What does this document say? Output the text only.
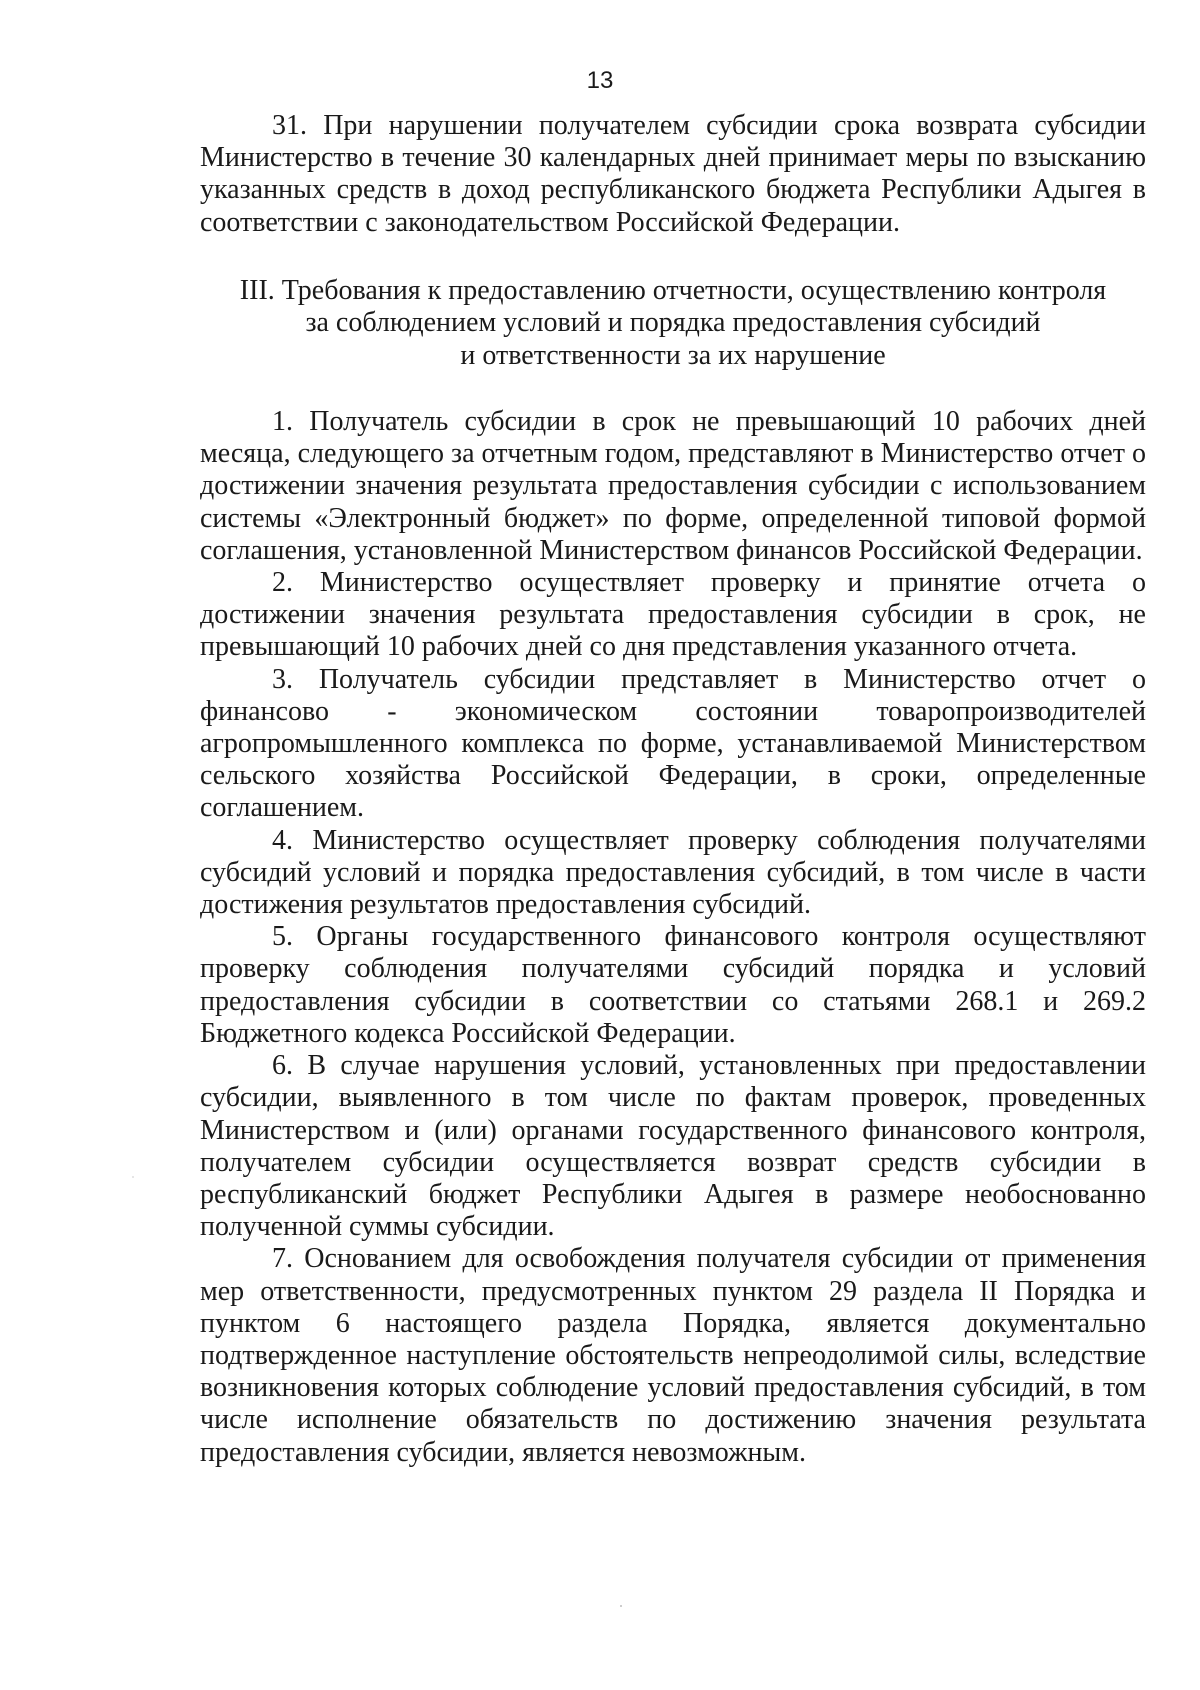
13

31. При нарушении получателем субсидии срока возврата субсидии Министерство в течение 30 календарных дней принимает меры по взысканию указанных средств в доход республиканского бюджета Республики Адыгея в соответствии с законодательством Российской Федерации.

III. Требования к предоставлению отчетности, осуществлению контроля
за соблюдением условий и порядка предоставления субсидий
и ответственности за их нарушение

1. Получатель субсидии в срок не превышающий 10 рабочих дней месяца, следующего за отчетным годом, представляют в Министерство отчет о достижении значения результата предоставления субсидии с использованием системы «Электронный бюджет» по форме, определенной типовой формой соглашения, установленной Министерством финансов Российской Федерации.

2. Министерство осуществляет проверку и принятие отчета о достижении значения результата предоставления субсидии в срок, не превышающий 10 рабочих дней со дня представления указанного отчета.

3. Получатель субсидии представляет в Министерство отчет о финансово - экономическом состоянии товаропроизводителей агропромышленного комплекса по форме, устанавливаемой Министерством сельского хозяйства Российской Федерации, в сроки, определенные соглашением.

4. Министерство осуществляет проверку соблюдения получателями субсидий условий и порядка предоставления субсидий, в том числе в части достижения результатов предоставления субсидий.

5. Органы государственного финансового контроля осуществляют проверку соблюдения получателями субсидий порядка и условий предоставления субсидии в соответствии со статьями 268.1 и 269.2 Бюджетного кодекса Российской Федерации.

6. В случае нарушения условий, установленных при предоставлении субсидии, выявленного в том числе по фактам проверок, проведенных Министерством и (или) органами государственного финансового контроля, получателем субсидии осуществляется возврат средств субсидии в республиканский бюджет Республики Адыгея в размере необоснованно полученной суммы субсидии.

7. Основанием для освобождения получателя субсидии от применения мер ответственности, предусмотренных пунктом 29 раздела II Порядка и пунктом 6 настоящего раздела Порядка, является документально подтвержденное наступление обстоятельств непреодолимой силы, вследствие возникновения которых соблюдение условий предоставления субсидий, в том числе исполнение обязательств по достижению значения результата предоставления субсидии, является невозможным.
